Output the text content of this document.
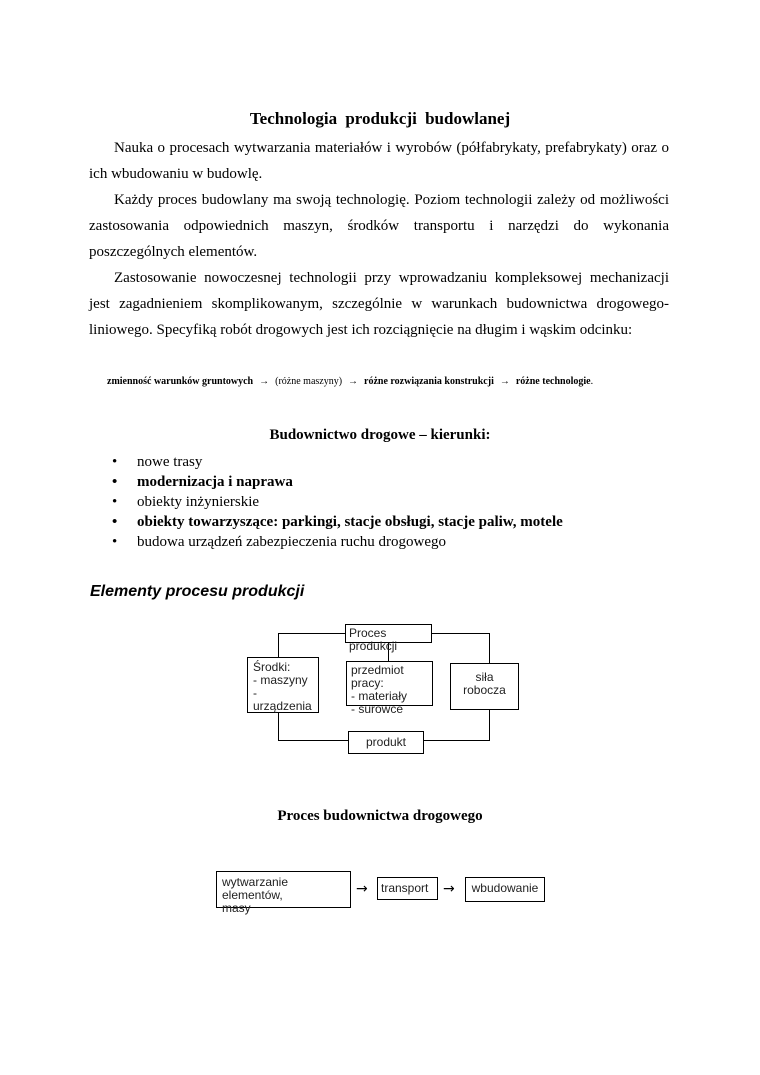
Technologia produkcji budowlanej
Nauka o procesach wytwarzania materiałów i wyrobów (półfabrykaty, prefabrykaty) oraz o ich wbudowaniu w budowlę.
Każdy proces budowlany ma swoją technologię. Poziom technologii zależy od możliwości zastosowania odpowiednich maszyn, środków transportu i narzędzi do wykonania poszczególnych elementów.
Zastosowanie nowoczesnej technologii przy wprowadzaniu kompleksowej mechanizacji jest zagadnieniem skomplikowanym, szczególnie w warunkach budownictwa drogowego-liniowego. Specyfiką robót drogowych jest ich rozciągnięcie na długim i wąskim odcinku:
zmienność warunków gruntowych → (różne maszyny) → różne rozwiązania konstrukcji → różne technologie.
Budownictwo drogowe – kierunki:
• nowe trasy
• modernizacja i naprawa
• obiekty inżynierskie
• obiekty towarzyszące: parkingi, stacje obsługi, stacje paliw, motele
• budowa urządzeń zabezpieczenia ruchu drogowego
Elementy procesu produkcji
Proces produkcji
Środki:
- maszyny
- urządzenia
przedmiot pracy:
- materiały
- surowce
siła robocza
produkt
Proces budownictwa drogowego
wytwarzanie elementów,
masy
→	transport	→	wbudowanie
